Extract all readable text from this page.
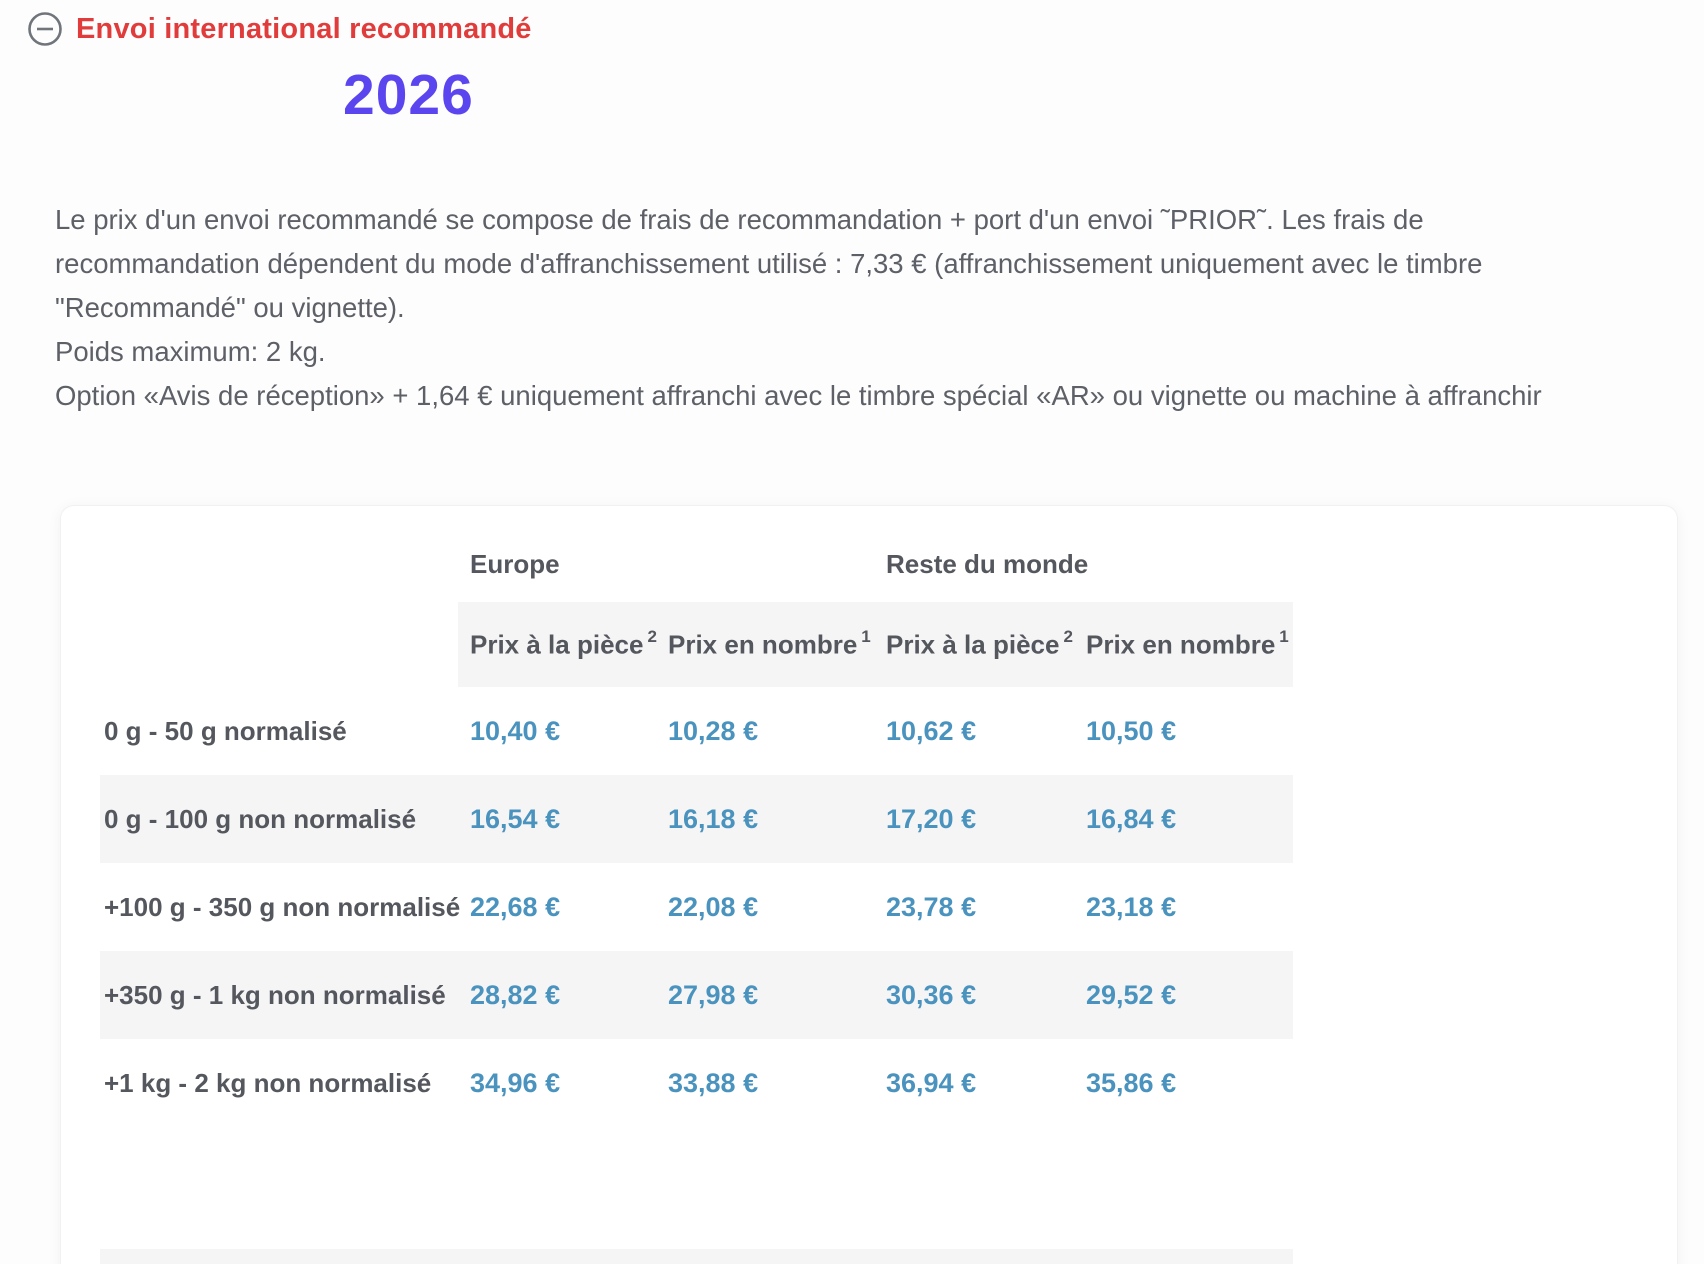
Envoi international recommandé
2026

Le prix d'un envoi recommandé se compose de frais de recommandation + port d'un envoi ˜PRIOR˜. Les frais de recommandation dépendent du mode d'affranchissement utilisé : 7,33 € (affranchissement uniquement avec le timbre "Recommandé" ou vignette).

Poids maximum: 2 kg.

Option «Avis de réception» + 1,64 € uniquement affranchi avec le timbre spécial «AR» ou vignette ou machine à affranchir

Europe	Reste du monde
Prix à la pièce $^2$ Prix en nombre $^1$ Prix à la pièce $^2$ Prix en nombre $^1$
0 g - 50 g normalisé	10,40 €	10,28 €	10,62 €	10,50 €
0 g - 100 g non normalisé 16,54 €	16,18 €	17,20 €	16,84 €
+100 g - 350 g non normalisé 22,68 €	22,08 €	23,78 €	23,18 €
+350 g - 1 kg non normalisé 28,82 €	27,98 €	30,36 €	29,52 €
+1 kg - 2 kg non normalisé 34,96 €	33,88 €	36,94 €	35,86 €
